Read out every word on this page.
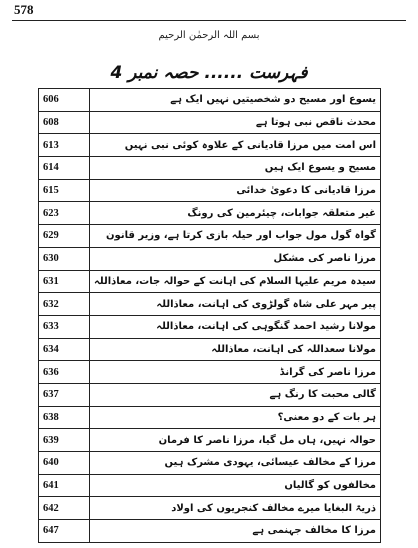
578
بسم اللہ الرحمٰن الرحیم
فہرست ...... حصہ نمبر 4
606	یسوع اور مسیح دو شخصیتیں نہیں ایک ہے
608	محدث ناقص نبی ہوتا ہے
613	اس امت میں مرزا قادیانی کے علاوہ کوئی نبی نہیں
614	مسیح و یسوع ایک ہیں
615	مرزا قادیانی کا دعویٰ خدائی
623	غیر متعلقہ جوابات، چیئرمین کی رونگ
629	گواہ گول مول جواب اور حیلہ بازی کرتا ہے، وزیر قانون
630	مرزا ناصر کی مشکل
631	سیدہ مریم علیہا السلام کی اہانت کے حوالہ جات، معاذاللہ
632	پیر مہر علی شاہ گولڑوی کی اہانت، معاذاللہ
633	مولانا رشید احمد گنگوہی کی اہانت، معاذاللہ
634	مولانا سعداللہ کی اہانت، معاذاللہ
636	مرزا ناصر کی گرانڈ
637	گالی محبت کا رنگ ہے
638	ہر بات کے دو معنی؟
639	حوالہ نہیں، ہاں مل گیا، مرزا ناصر کا فرمان
640	مرزا کے مخالف عیسائی، یہودی مشرک ہیں
641	مخالفوں کو گالیاں
642	ذریۃ البغایا میرے مخالف کنجریوں کی اولاد
647	مرزا کا مخالف جہنمی ہے
